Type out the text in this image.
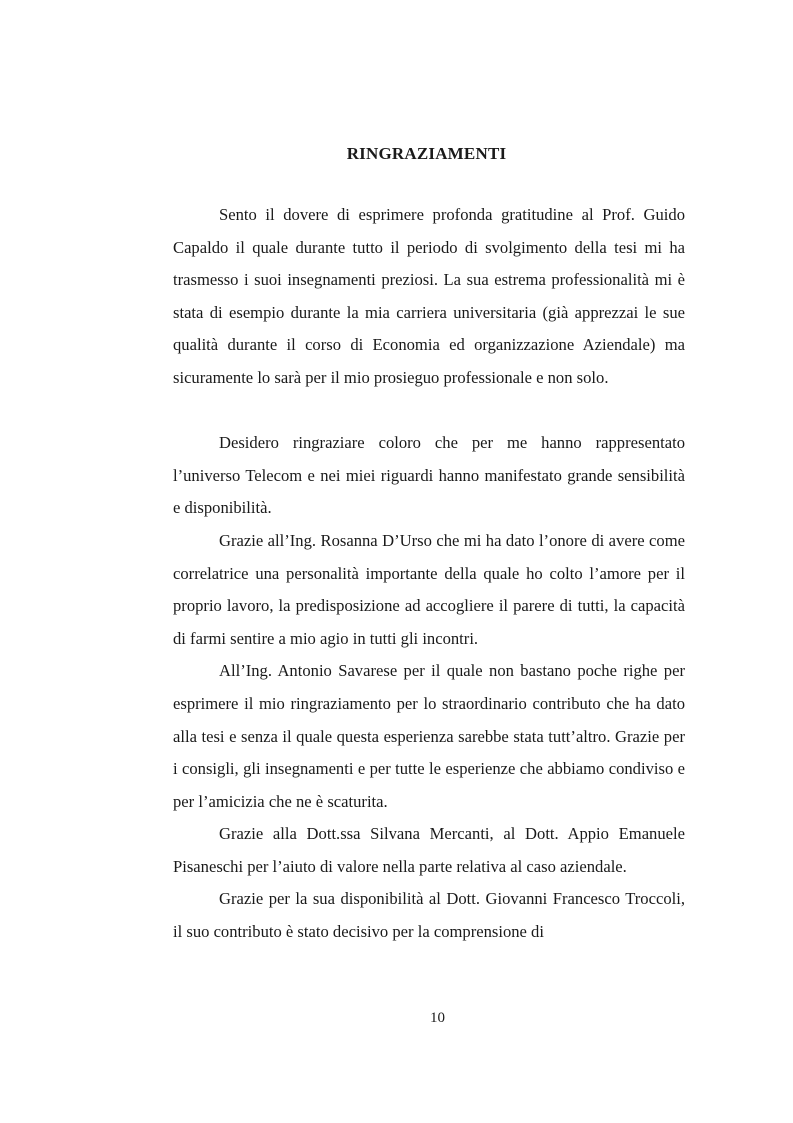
RINGRAZIAMENTI

Sento il dovere di esprimere profonda gratitudine al Prof. Guido Capaldo il quale durante tutto il periodo di svolgimento della tesi mi ha trasmesso i suoi insegnamenti preziosi. La sua estrema professionalità mi è stata di esempio durante la mia carriera universitaria (già apprezzai le sue qualità durante il corso di Economia ed organizzazione Aziendale) ma sicuramente lo sarà per il mio prosieguo professionale e non solo.

Desidero ringraziare coloro che per me hanno rappresentato l’universo Telecom e nei miei riguardi hanno manifestato grande sensibilità e disponibilità.

Grazie all’Ing. Rosanna D’Urso che mi ha dato l’onore di avere come correlatrice una personalità importante della quale ho colto l’amore per il proprio lavoro, la predisposizione ad accogliere il parere di tutti, la capacità di farmi sentire a mio agio in tutti gli incontri.

All’Ing. Antonio Savarese per il quale non bastano poche righe per esprimere il mio ringraziamento per lo straordinario contributo che ha dato alla tesi e senza il quale questa esperienza sarebbe stata tutt’altro. Grazie per i consigli, gli insegnamenti e per tutte le esperienze che abbiamo condiviso e per l’amicizia che ne è scaturita.

Grazie alla Dott.ssa Silvana Mercanti, al Dott. Appio Emanuele Pisaneschi per l’aiuto di valore nella parte relativa al caso aziendale.

Grazie per la sua disponibilità al Dott. Giovanni Francesco Troccoli, il suo contributo è stato decisivo per la comprensione di

10
